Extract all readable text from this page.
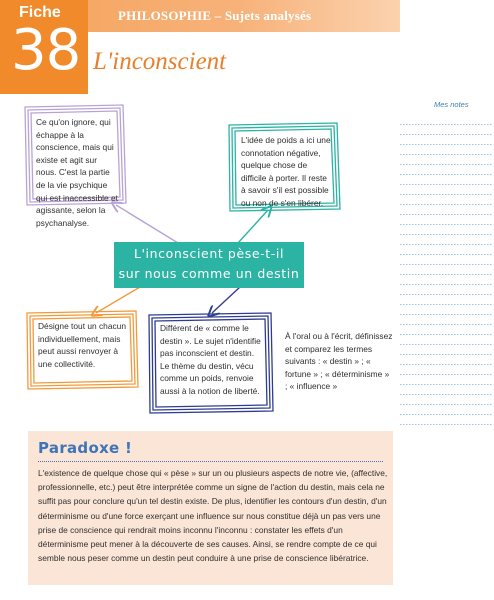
Fiche
38
PHILOSOPHIE – Sujets analysés
L'inconscient
Mes notes
Ce qu'on ignore, qui échappe à la conscience, mais qui existe et agit sur nous. C'est la partie de la vie psychique qui est inaccessible et agissante, selon la psychanalyse.
L'idée de poids a ici une connotation négative, quelque chose de difficile à porter. Il reste à savoir s'il est possible ou non de s'en libérer.
Désigne tout un chacun individuellement, mais peut aussi renvoyer à une collectivité.
Différent de « comme le destin ». Le sujet n'identifie pas inconscient et destin. Le thème du destin, vécu comme un poids, renvoie aussi à la notion de liberté.
L'inconscient pèse-t-il
sur nous comme un destin ?
À l'oral ou à l'écrit, définissez et comparez les termes suivants : « destin » ; « fortune » ; « déterminisme » ; « influence »
Paradoxe !
L'existence de quelque chose qui « pèse » sur un ou plusieurs aspects de notre vie, (affective, professionnelle, etc.) peut être interprétée comme un signe de l'action du destin, mais cela ne suffit pas pour conclure qu'un tel destin existe. De plus, identifier les contours d'un destin, d'un déterminisme ou d'une force exerçant une influence sur nous constitue déjà un pas vers une prise de conscience qui rendrait moins inconnu l'inconnu : constater les effets d'un déterminisme peut mener à la découverte de ses causes. Ainsi, se rendre compte de ce qui semble nous peser comme un destin peut conduire à une prise de conscience libératrice.
